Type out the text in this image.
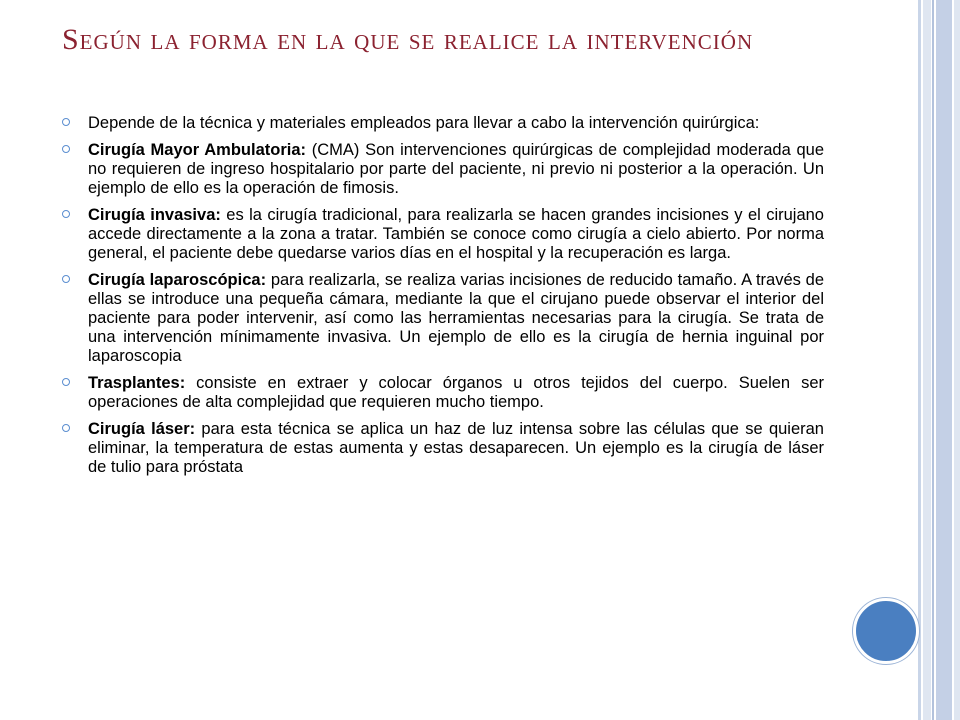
Según la forma en la que se realice la intervención
Depende de la técnica y materiales empleados para llevar a cabo la intervención quirúrgica:
Cirugía Mayor Ambulatoria: (CMA) Son intervenciones quirúrgicas de complejidad moderada que no requieren de ingreso hospitalario por parte del paciente, ni previo ni posterior a la operación. Un ejemplo de ello es la operación de fimosis.
Cirugía invasiva: es la cirugía tradicional, para realizarla se hacen grandes incisiones y el cirujano accede directamente a la zona a tratar. También se conoce como cirugía a cielo abierto. Por norma general, el paciente debe quedarse varios días en el hospital y la recuperación es larga.
Cirugía laparoscópica: para realizarla, se realiza varias incisiones de reducido tamaño. A través de ellas se introduce una pequeña cámara, mediante la que el cirujano puede observar el interior del paciente para poder intervenir, así como las herramientas necesarias para la cirugía. Se trata de una intervención mínimamente invasiva. Un ejemplo de ello es la cirugía de hernia inguinal por laparoscopia
Trasplantes: consiste en extraer y colocar órganos u otros tejidos del cuerpo. Suelen ser operaciones de alta complejidad que requieren mucho tiempo.
Cirugía láser: para esta técnica se aplica un haz de luz intensa sobre las células que se quieran eliminar, la temperatura de estas aumenta y estas desaparecen. Un ejemplo es la cirugía de láser de tulio para próstata
